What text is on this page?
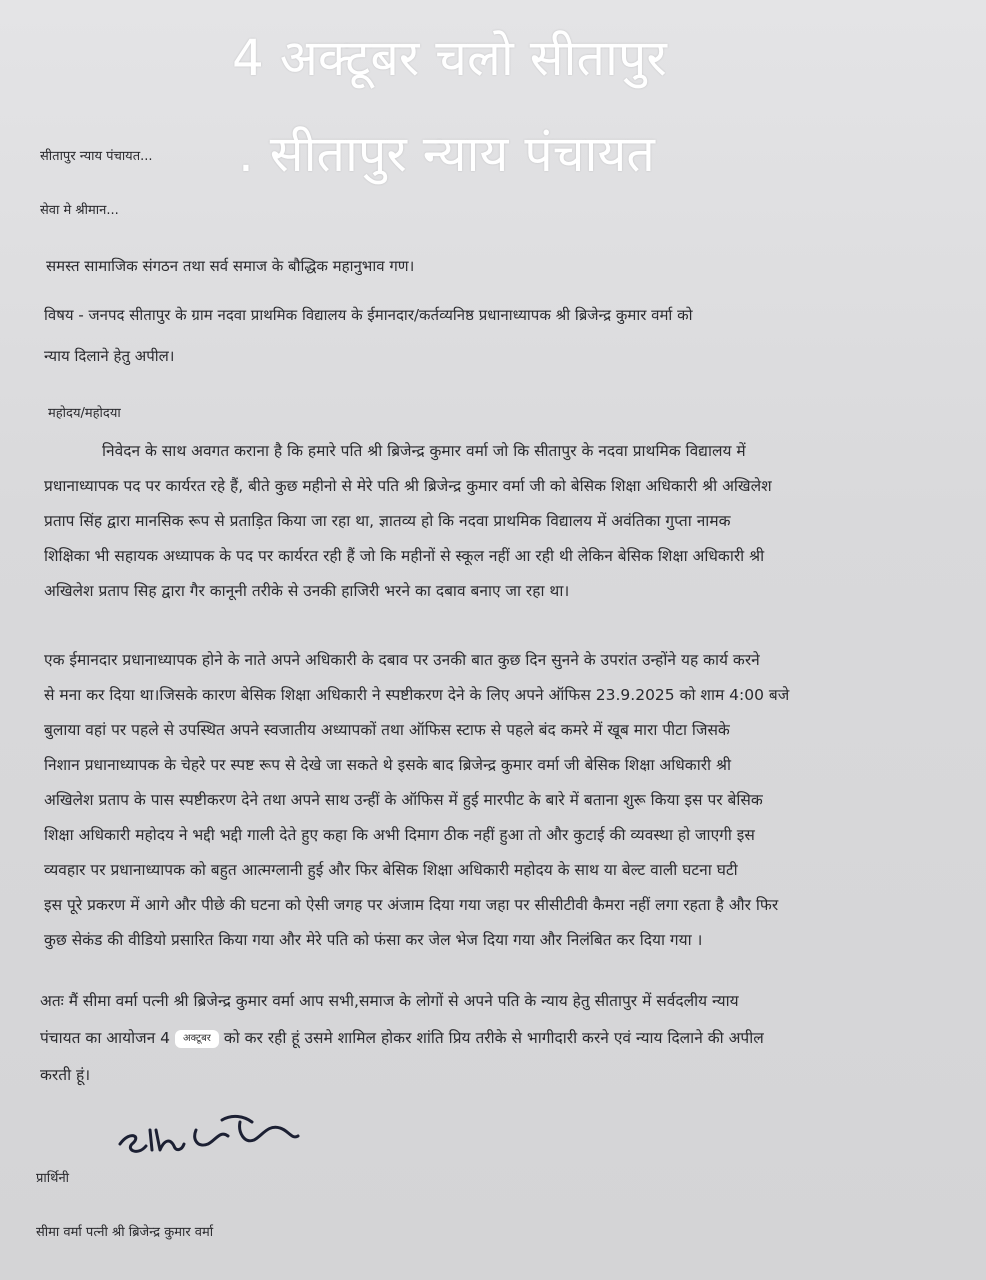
4 अक्टूबर चलो सीतापुर
. सीतापुर न्याय पंचायत
सीतापुर न्याय पंचायत...
सेवा मे श्रीमान...
समस्त सामाजिक संगठन तथा सर्व समाज के बौद्धिक महानुभाव गण।
विषय - जनपद सीतापुर के ग्राम नदवा प्राथमिक विद्यालय के ईमानदार/कर्तव्यनिष्ठ प्रधानाध्यापक श्री ब्रिजेन्द्र कुमार वर्मा को
न्याय दिलाने हेतु अपील।
महोदय/महोदया
निवेदन के साथ अवगत कराना है कि हमारे पति श्री ब्रिजेन्द्र कुमार वर्मा जो कि सीतापुर के नदवा प्राथमिक विद्यालय में
प्रधानाध्यापक पद पर कार्यरत रहे हैं, बीते कुछ महीनो से मेरे पति श्री ब्रिजेन्द्र कुमार वर्मा जी को बेसिक शिक्षा अधिकारी श्री अखिलेश
प्रताप सिंह द्वारा मानसिक रूप से प्रताड़ित किया जा रहा था, ज्ञातव्य हो कि नदवा प्राथमिक विद्यालय में अवंतिका गुप्ता नामक
शिक्षिका भी सहायक अध्यापक के पद पर कार्यरत रही हैं जो कि महीनों से स्कूल नहीं आ रही थी लेकिन बेसिक शिक्षा अधिकारी श्री
अखिलेश प्रताप सिह द्वारा गैर कानूनी तरीके से उनकी हाजिरी भरने का दबाव बनाए जा रहा था।
एक ईमानदार प्रधानाध्यापक होने के नाते अपने अधिकारी के दबाव पर उनकी बात कुछ दिन सुनने के उपरांत उन्होंने यह कार्य करने
से मना कर दिया था।जिसके कारण बेसिक शिक्षा अधिकारी ने स्पष्टीकरण देने के लिए अपने ऑफिस 23.9.2025 को शाम 4:00 बजे
बुलाया वहां पर पहले से उपस्थित अपने स्वजातीय अध्यापकों तथा ऑफिस स्टाफ से पहले बंद कमरे में खूब मारा पीटा जिसके
निशान प्रधानाध्यापक के चेहरे पर स्पष्ट रूप से देखे जा सकते थे इसके बाद ब्रिजेन्द्र कुमार वर्मा जी बेसिक शिक्षा अधिकारी श्री
अखिलेश प्रताप के पास स्पष्टीकरण देने तथा अपने साथ उन्हीं के ऑफिस में हुई मारपीट के बारे में बताना शुरू किया इस पर बेसिक
शिक्षा अधिकारी महोदय ने भद्दी भद्दी गाली देते हुए कहा कि अभी दिमाग ठीक नहीं हुआ तो और कुटाई की व्यवस्था हो जाएगी इस
व्यवहार पर प्रधानाध्यापक को बहुत आत्मग्लानी हुई और फिर बेसिक शिक्षा अधिकारी महोदय के साथ या बेल्ट वाली घटना घटी
इस पूरे प्रकरण में आगे और पीछे की घटना को ऐसी जगह पर अंजाम दिया गया जहा पर सीसीटीवी कैमरा नहीं लगा रहता है और फिर
कुछ सेकंड की वीडियो प्रसारित किया गया और मेरे पति को फंसा कर जेल भेज दिया गया और निलंबित कर दिया गया ।
अतः मैं सीमा वर्मा पत्नी श्री ब्रिजेन्द्र कुमार वर्मा आप सभी,समाज के लोगों से अपने पति के न्याय हेतु सीतापुर में सर्वदलीय न्याय
पंचायत का आयोजन 4 अक्टूबर को कर रही हूं उसमे शामिल होकर शांति प्रिय तरीके से भागीदारी करने एवं न्याय दिलाने की अपील
करती हूं।
प्रार्थिनी
सीमा वर्मा पत्नी श्री ब्रिजेन्द्र कुमार वर्मा
